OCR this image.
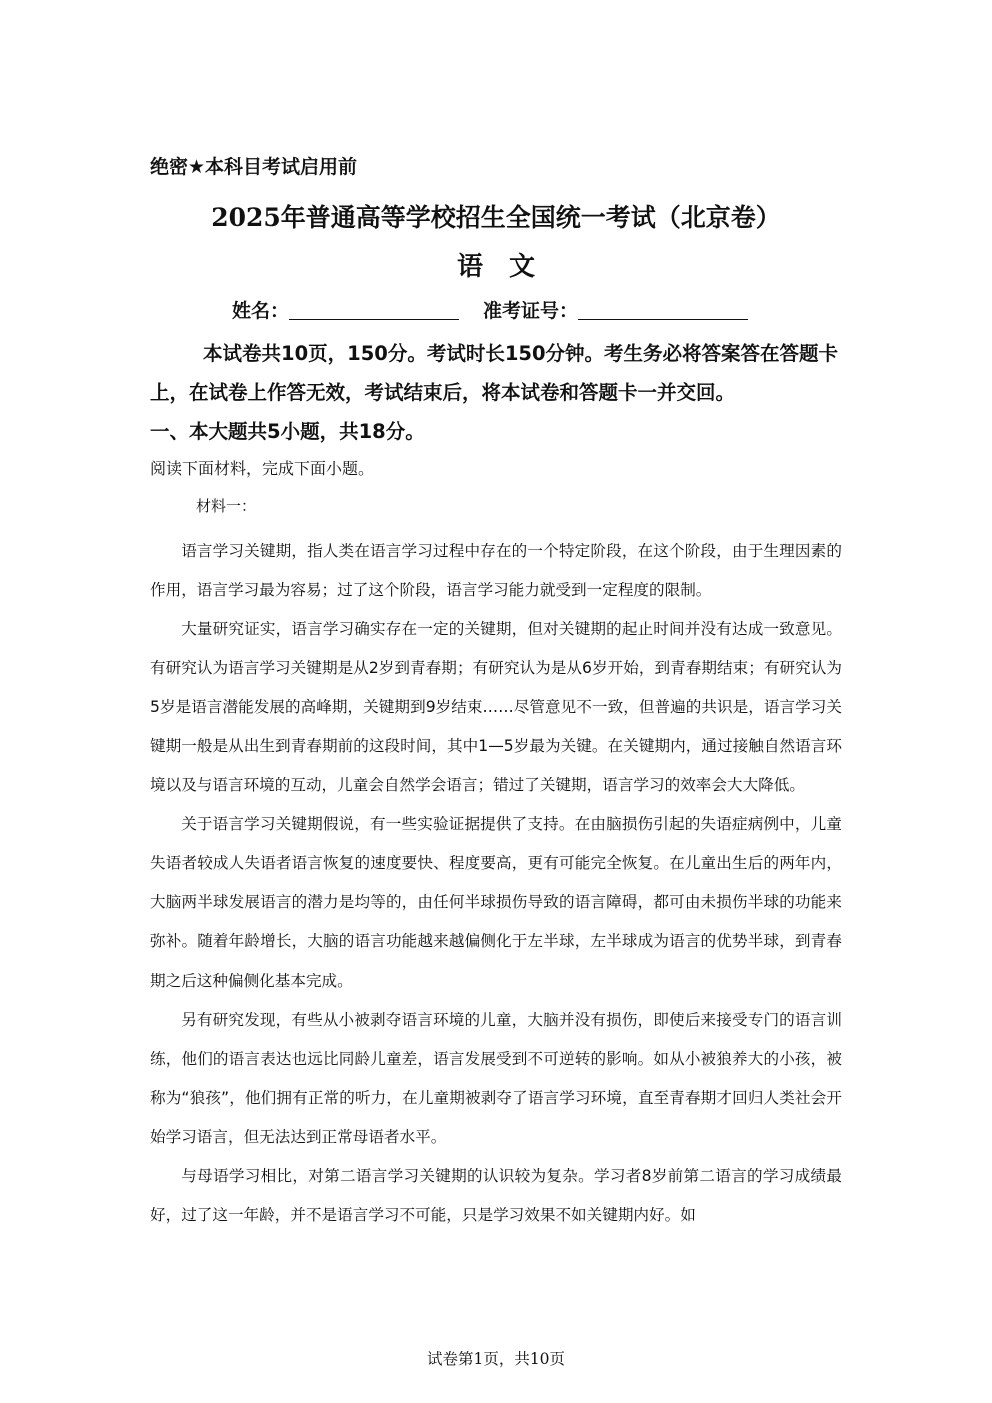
绝密★本科目考试启用前
2025年普通高等学校招生全国统一考试（北京卷）
语文
姓名：	准考证号：
本试卷共10页，150分。考试时长150分钟。考生务必将答案答在答题卡
上，在试卷上作答无效，考试结束后，将本试卷和答题卡一并交回。
一、本大题共5小题，共18分。
阅读下面材料，完成下面小题。
材料一：

语言学习关键期，指人类在语言学习过程中存在的一个特定阶段，在这个阶段，由于生理因素的作用，语言学习最为容易；过了这个阶段，语言学习能力就受到一定程度的限制。

大量研究证实，语言学习确实存在一定的关键期，但对关键期的起止时间并没有达成一致意见。有研究认为语言学习关键期是从2岁到青春期；有研究认为是从6岁开始，到青春期结束；有研究认为5岁是语言潜能发展的高峰期，关键期到9岁结束……尽管意见不一致，但普遍的共识是，语言学习关键期一般是从出生到青春期前的这段时间，其中1—5岁最为关键。在关键期内，通过接触自然语言环境以及与语言环境的互动，儿童会自然学会语言；错过了关键期，语言学习的效率会大大降低。

关于语言学习关键期假说，有一些实验证据提供了支持。在由脑损伤引起的失语症病例中，儿童失语者较成人失语者语言恢复的速度要快、程度要高，更有可能完全恢复。在儿童出生后的两年内，大脑两半球发展语言的潜力是均等的，由任何半球损伤导致的语言障碍，都可由未损伤半球的功能来弥补。随着年龄增长，大脑的语言功能越来越偏侧化于左半球，左半球成为语言的优势半球，到青春期之后这种偏侧化基本完成。

另有研究发现，有些从小被剥夺语言环境的儿童，大脑并没有损伤，即使后来接受专门的语言训练，他们的语言表达也远比同龄儿童差，语言发展受到不可逆转的影响。如从小被狼养大的小孩，被称为“狼孩”，他们拥有正常的听力，在儿童期被剥夺了语言学习环境，直至青春期才回归人类社会开始学习语言，但无法达到正常母语者水平。

与母语学习相比，对第二语言学习关键期的认识较为复杂。学习者8岁前第二语言的学习成绩最好，过了这一年龄，并不是语言学习不可能，只是学习效果不如关键期内好。如

试卷第1页，共10页
